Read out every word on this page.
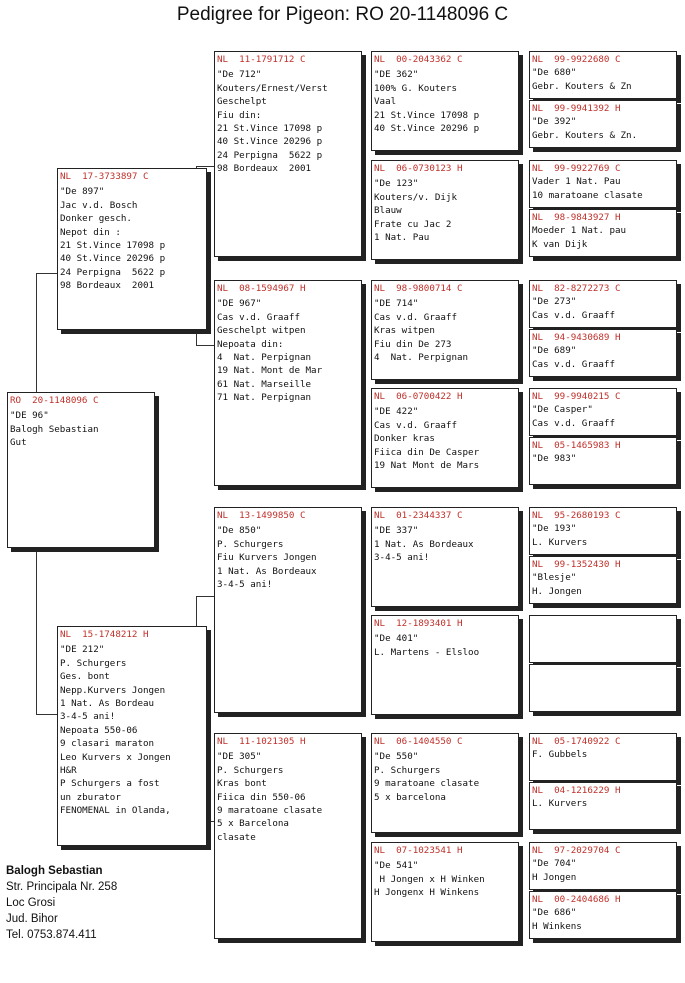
Pedigree for Pigeon: RO 20-1148096 C
RO  20-1148096 C
"DE 96"
Balogh Sebastian
Gut
NL  17-3733897 C
"De 897"
Jac v.d. Bosch
Donker gesch.
Nepot din :
21 St.Vince 17098 p
40 St.Vince 20296 p
24 Perpigna  5622 p
98 Bordeaux  2001
NL  15-1748212 H
"DE 212"
P. Schurgers
Ges. bont
Nepp.Kurvers Jongen
1 Nat. As Bordeau
3-4-5 ani!
Nepoata 550-06
9 clasari maraton
Leo Kurvers x Jongen
H&R
P Schurgers a fost
un zburator
FENOMENAL in Olanda,
NL  11-1791712 C
"De 712"
Kouters/Ernest/Verst
Geschelpt
Fiu din:
21 St.Vince 17098 p
40 St.Vince 20296 p
24 Perpigna  5622 p
98 Bordeaux  2001
NL  08-1594967 H
"DE 967"
Cas v.d. Graaff
Geschelpt witpen
Nepoata din:
4  Nat. Perpignan
19 Nat. Mont de Mar
61 Nat. Marseille
71 Nat. Perpignan
NL  13-1499850 C
"De 850"
P. Schurgers
Fiu Kurvers Jongen
1 Nat. As Bordeaux
3-4-5 ani!
NL  11-1021305 H
"DE 305"
P. Schurgers
Kras bont
Fiica din 550-06
9 maratoane clasate
5 x Barcelona
clasate
NL  00-2043362 C
"DE 362"
100% G. Kouters
Vaal
21 St.Vince 17098 p
40 St.Vince 20296 p
NL  06-0730123 H
"De 123"
Kouters/v. Dijk
Blauw
Frate cu Jac 2
1 Nat. Pau
NL  98-9800714 C
"DE 714"
Cas v.d. Graaff
Kras witpen
Fiu din De 273
4  Nat. Perpignan
NL  06-0700422 H
"DE 422"
Cas v.d. Graaff
Donker kras
Fiica din De Casper
19 Nat Mont de Mars
NL  01-2344337 C
"DE 337"
1 Nat. As Bordeaux
3-4-5 ani!
NL  12-1893401 H
"De 401"
L. Martens - Elsloo
NL  06-1404550 C
"De 550"
P. Schurgers
9 maratoane clasate
5 x barcelona
NL  07-1023541 H
"De 541"
H Jongen x H Winken
H Jongenx H Winkens
NL  99-9922680 C
"De 680"
Gebr. Kouters & Zn
NL  99-9941392 H
"De 392"
Gebr. Kouters & Zn.
NL  99-9922769 C
Vader 1 Nat. Pau
10 maratoane clasate
NL  98-9843927 H
Moeder 1 Nat. pau
K van Dijk
NL  82-8272273 C
"De 273"
Cas v.d. Graaff
NL  94-9430689 H
"De 689"
Cas v.d. Graaff
NL  99-9940215 C
"De Casper"
Cas v.d. Graaff
NL  05-1465983 H
"De 983"
NL  95-2680193 C
"De 193"
L. Kurvers
NL  99-1352430 H
"Blesje"
H. Jongen
NL  05-1740922 C
F. Gubbels
NL  04-1216229 H
L. Kurvers
NL  97-2029704 C
"De 704"
H Jongen
NL  00-2404686 H
"De 686"
H Winkens
Balogh Sebastian
Str. Principala Nr. 258
Loc Grosi
Jud. Bihor
Tel. 0753.874.411
